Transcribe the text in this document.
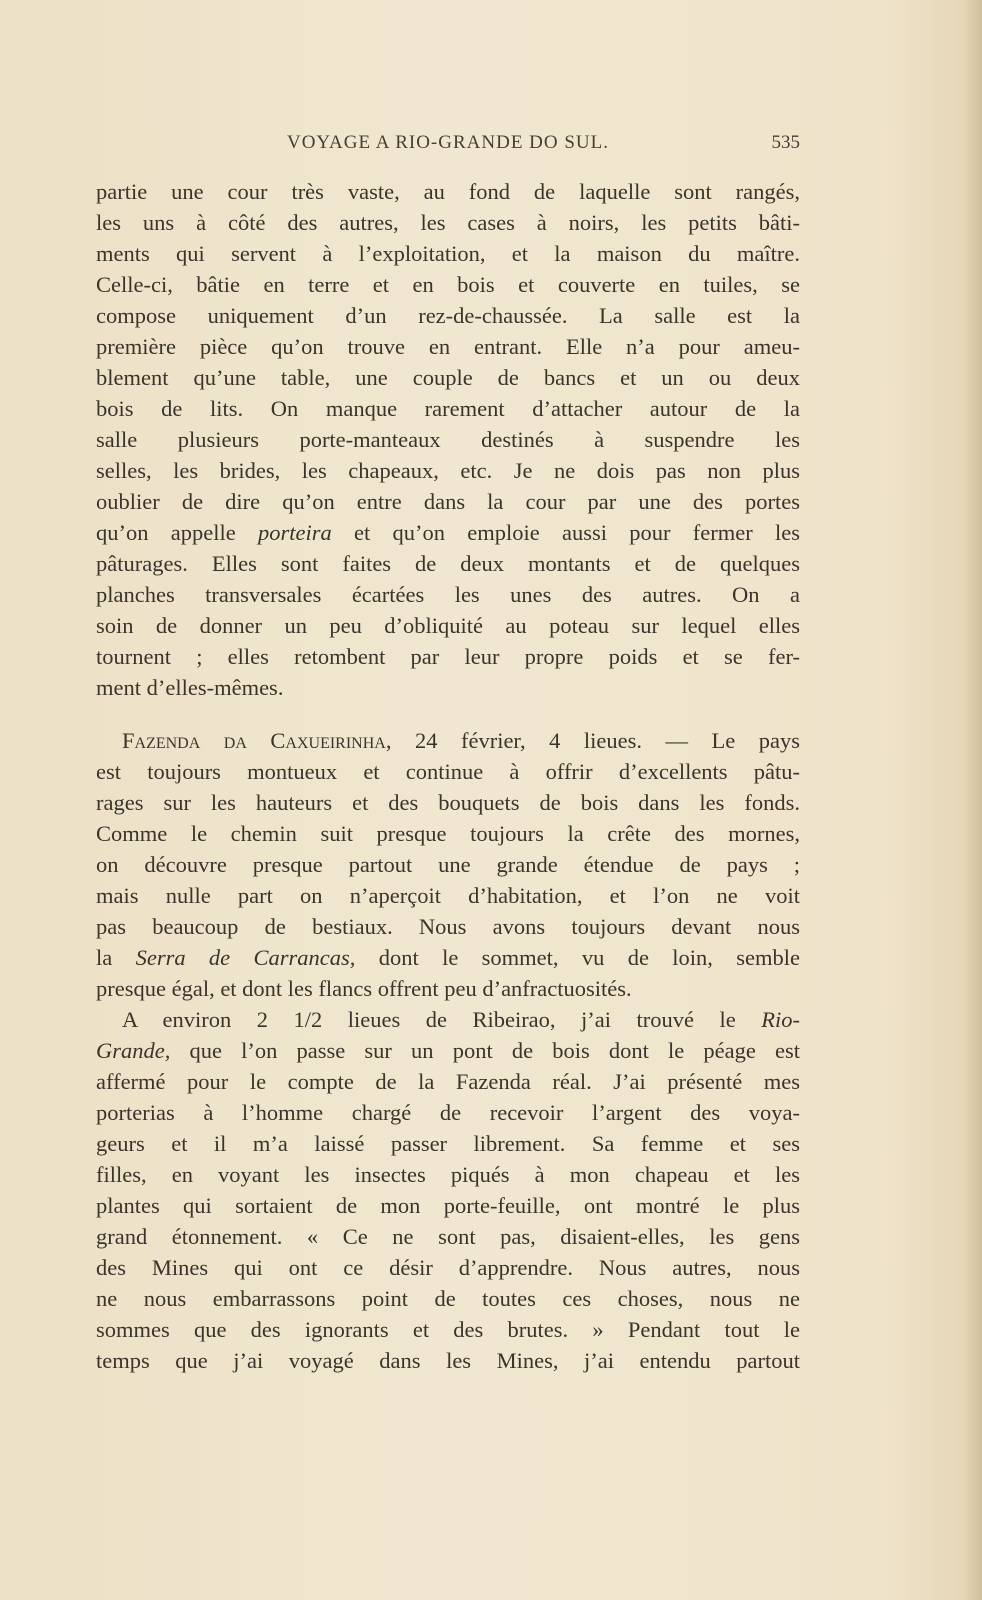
VOYAGE A RIO-GRANDE DO SUL.	535
partie une cour très vaste, au fond de laquelle sont rangés,
les uns à côté des autres, les cases à noirs, les petits bâti-
ments qui servent à l’exploitation, et la maison du maître.
Celle-ci, bâtie en terre et en bois et couverte en tuiles, se
compose uniquement d’un rez-de-chaussée. La salle est la
première pièce qu’on trouve en entrant. Elle n’a pour ameu-
blement qu’une table, une couple de bancs et un ou deux
bois de lits. On manque rarement d’attacher autour de la
salle plusieurs porte-manteaux destinés à suspendre les
selles, les brides, les chapeaux, etc. Je ne dois pas non plus
oublier de dire qu’on entre dans la cour par une des portes
qu’on appelle porteira et qu’on emploie aussi pour fermer les
pâturages. Elles sont faites de deux montants et de quelques
planches transversales écartées les unes des autres. On a
soin de donner un peu d’obliquité au poteau sur lequel elles
tournent ; elles retombent par leur propre poids et se fer-
ment d’elles-mêmes.
Fazenda da Caxueirinha, 24 février, 4 lieues. — Le pays
est toujours montueux et continue à offrir d’excellents pâtu-
rages sur les hauteurs et des bouquets de bois dans les fonds.
Comme le chemin suit presque toujours la crête des mornes,
on découvre presque partout une grande étendue de pays ;
mais nulle part on n’aperçoit d’habitation, et l’on ne voit
pas beaucoup de bestiaux. Nous avons toujours devant nous
la Serra de Carrancas, dont le sommet, vu de loin, semble
presque égal, et dont les flancs offrent peu d’anfractuosités.
A environ 2 1/2 lieues de Ribeirao, j’ai trouvé le Rio-
Grande, que l’on passe sur un pont de bois dont le péage est
affermé pour le compte de la Fazenda réal. J’ai présenté mes
porterias à l’homme chargé de recevoir l’argent des voya-
geurs et il m’a laissé passer librement. Sa femme et ses
filles, en voyant les insectes piqués à mon chapeau et les
plantes qui sortaient de mon porte-feuille, ont montré le plus
grand étonnement. « Ce ne sont pas, disaient-elles, les gens
des Mines qui ont ce désir d’apprendre. Nous autres, nous
ne nous embarrassons point de toutes ces choses, nous ne
sommes que des ignorants et des brutes. » Pendant tout le
temps que j’ai voyagé dans les Mines, j’ai entendu partout
